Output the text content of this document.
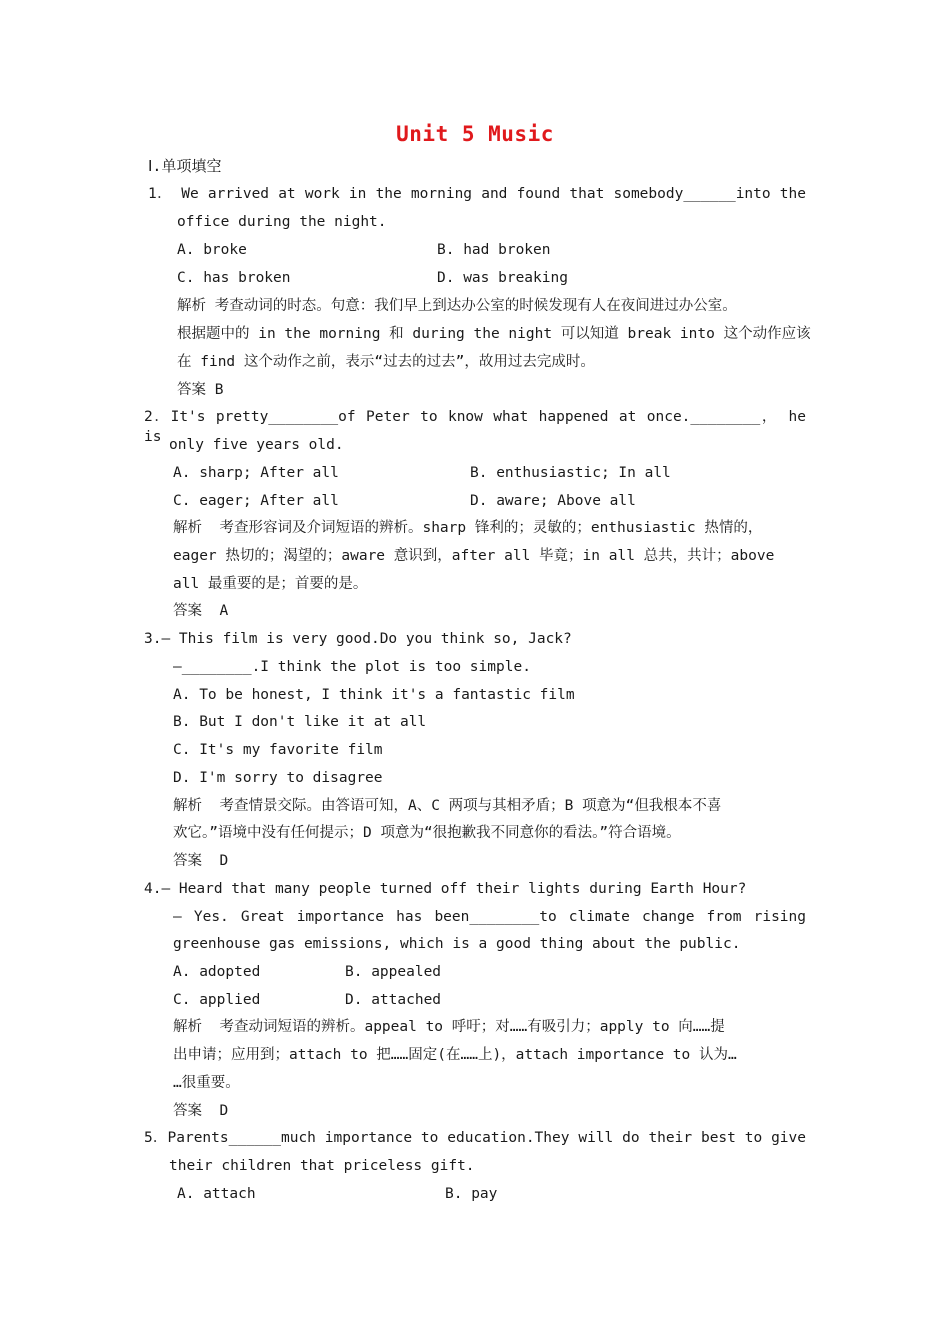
Unit 5 Music
Ⅰ.单项填空
1． We arrived at work in the morning and found that somebody______into the
office during the night.
A. broke	B. had broken
C. has broken	D. was breaking
解析 考查动词的时态。句意：我们早上到达办公室的时候发现有人在夜间进过办公室。
根据题中的 in the morning 和 during the night 可以知道 break into 这个动作应该
在 find 这个动作之前，表示“过去的过去”，故用过去完成时。
答案 B
2．It's pretty________of Peter to know what happened at once.________， he is only five years old.
A. sharp; After all	B. enthusiastic; In all
C. eager; After all	D. aware; Above all
解析  考查形容词及介词短语的辨析。sharp 锋利的；灵敏的；enthusiastic 热情的，
eager 热切的；渴望的；aware 意识到，after all 毕竟；in all 总共，共计；above
all 最重要的是；首要的是。
答案  A
3.— This film is very good.Do you think so, Jack?
—________.I think the plot is too simple.
A. To be honest, I think it's a fantastic film
B. But I don't like it at all
C. It's my favorite film
D. I'm sorry to disagree
解析  考查情景交际。由答语可知，A、C 两项与其相矛盾；B 项意为“但我根本不喜
欢它。”语境中没有任何提示；D 项意为“很抱歉我不同意你的看法。”符合语境。
答案  D
4.— Heard that many people turned off their lights during Earth Hour?
— Yes. Great importance has been________to climate change from rising
greenhouse gas emissions, which is a good thing about the public.
A. adopted	B. appealed
C. applied	D. attached
解析  考查动词短语的辨析。appeal to 呼吁；对……有吸引力；apply to 向……提
出申请；应用到；attach to 把……固定(在……上)，attach importance to 认为…
…很重要。
答案  D
5．Parents______much importance to education.They will do their best to give
their children that priceless gift.
A. attach	B. pay
